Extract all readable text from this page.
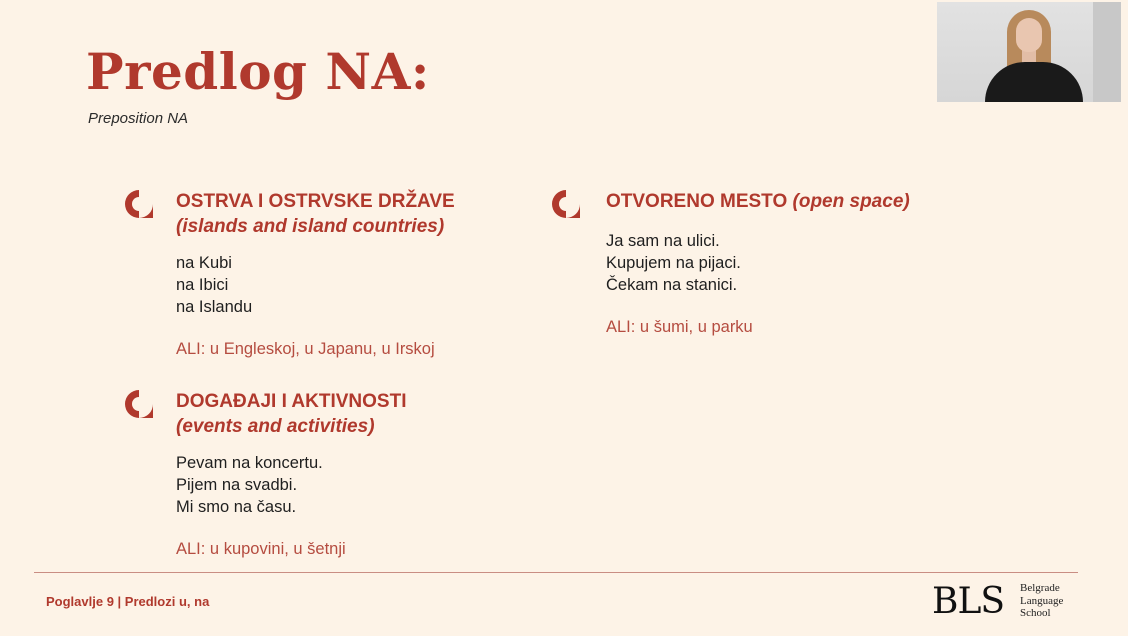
Predlog NA:
Preposition NA
OSTRVA I OSTRVSKE DRŽAVE
(islands and island countries)
na Kubi
na Ibici
na Islandu
ALI: u Engleskoj, u Japanu, u Irskoj
DOGAĐAJI I AKTIVNOSTI
(events and activities)
Pevam na koncertu.
Pijem na svadbi.
Mi smo na času.
ALI: u kupovini, u šetnji
OTVORENO MESTO (open space)
Ja sam na ulici.
Kupujem na pijaci.
Čekam na stanici.
ALI: u šumi, u parku
Poglavlje 9 | Predlozi u, na	BLS Belgrade
Language
School
